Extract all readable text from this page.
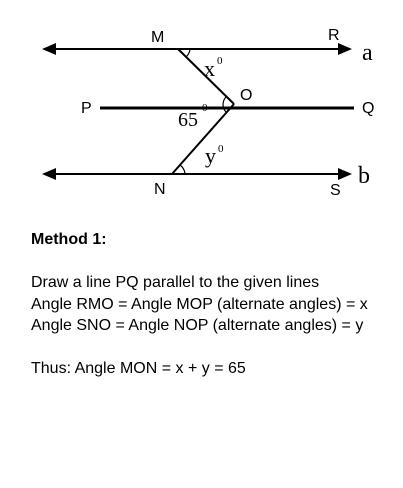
M	R
P
O
Q
N	S
a
b
x 0
65
0
y 0
Method 1:
Draw a line PQ parallel to the given lines
Angle RMO = Angle MOP (alternate angles) = x
Angle SNO = Angle NOP (alternate angles) = y
Thus: Angle MON = x + y = 65
